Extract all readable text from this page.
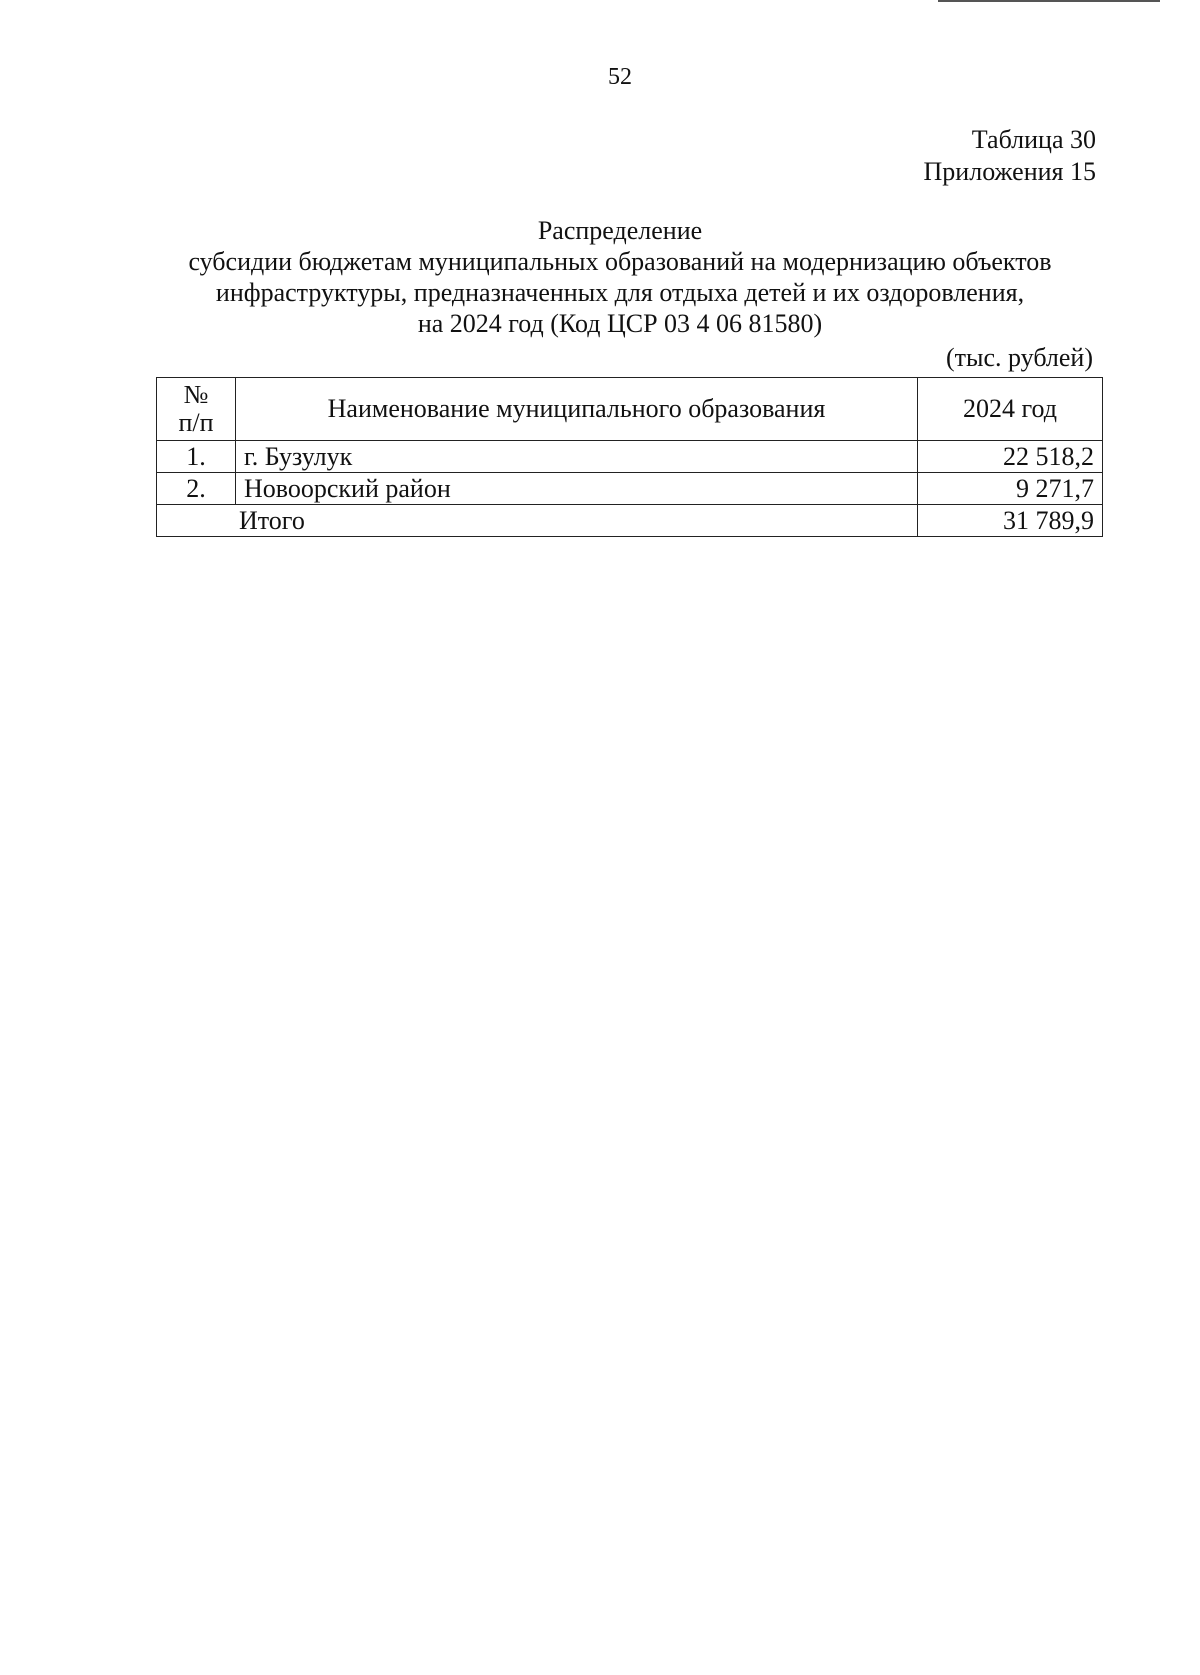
52
Таблица 30
Приложения 15
Распределение
субсидии бюджетам муниципальных образований на модернизацию объектов
инфраструктуры, предназначенных для отдыха детей и их оздоровления,
на 2024 год (Код ЦСР 03 4 06 81580)
(тыс. рублей)
№
п/п	Наименование муниципального образования	2024 год
1.	г. Бузулук	22 518,2
2.	Новоорский район	9 271,7
Итого		31 789,9
